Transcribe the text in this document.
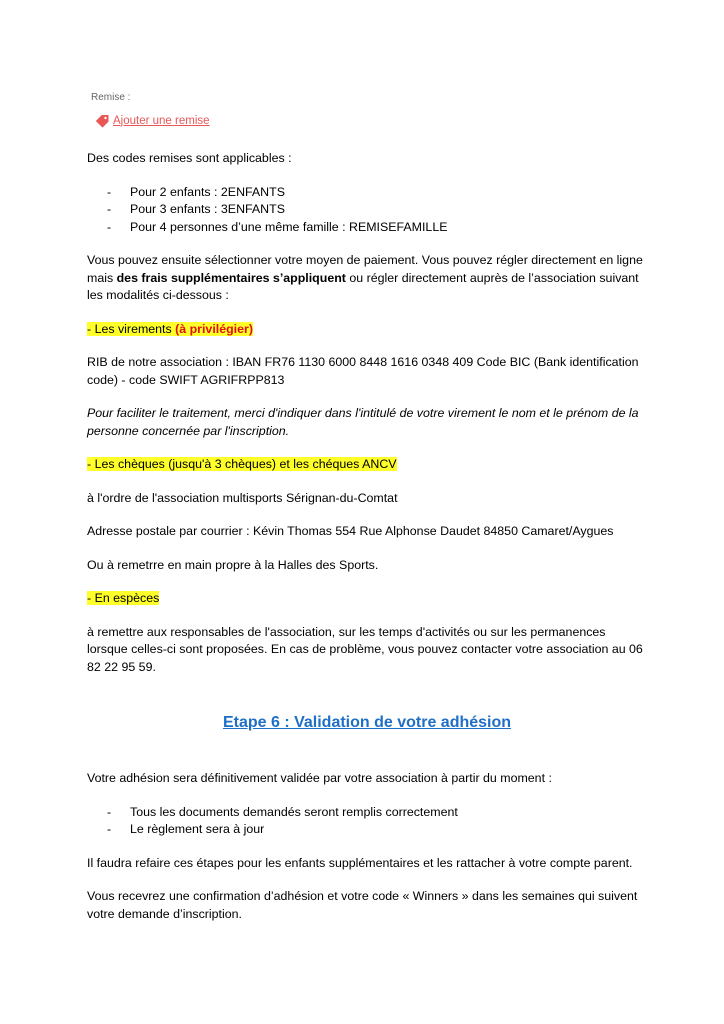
Remise :
Ajouter une remise

Des codes remises sont applicables :

- Pour 2 enfants : 2ENFANTS
- Pour 3 enfants : 3ENFANTS
- Pour 4 personnes d’une même famille : REMISEFAMILLE

Vous pouvez ensuite sélectionner votre moyen de paiement. Vous pouvez régler directement en ligne mais des frais supplémentaires s’appliquent ou régler directement auprès de l’association suivant les modalités ci-dessous :

- Les virements (à privilégier)

RIB de notre association : IBAN FR76 1130 6000 8448 1616 0348 409 Code BIC (Bank identification code) - code SWIFT AGRIFRPP813

Pour faciliter le traitement, merci d'indiquer dans l'intitulé de votre virement le nom et le prénom de la personne concernée par l'inscription.

- Les chèques (jusqu'à 3 chèques) et les chéques ANCV

à l'ordre de l'association multisports Sérignan-du-Comtat

Adresse postale par courrier : Kévin Thomas 554 Rue Alphonse Daudet 84850 Camaret/Aygues

Ou à remetrre en main propre à la Halles des Sports.

- En espèces

à remettre aux responsables de l'association, sur les temps d'activités ou sur les permanences lorsque celles-ci sont proposées. En cas de problème, vous pouvez contacter votre association au 06 82 22 95 59.

Etape 6 : Validation de votre adhésion

Votre adhésion sera définitivement validée par votre association à partir du moment :

- Tous les documents demandés seront remplis correctement
- Le règlement sera à jour

Il faudra refaire ces étapes pour les enfants supplémentaires et les rattacher à votre compte parent.

Vous recevrez une confirmation d’adhésion et votre code « Winners » dans les semaines qui suivent votre demande d’inscription.
